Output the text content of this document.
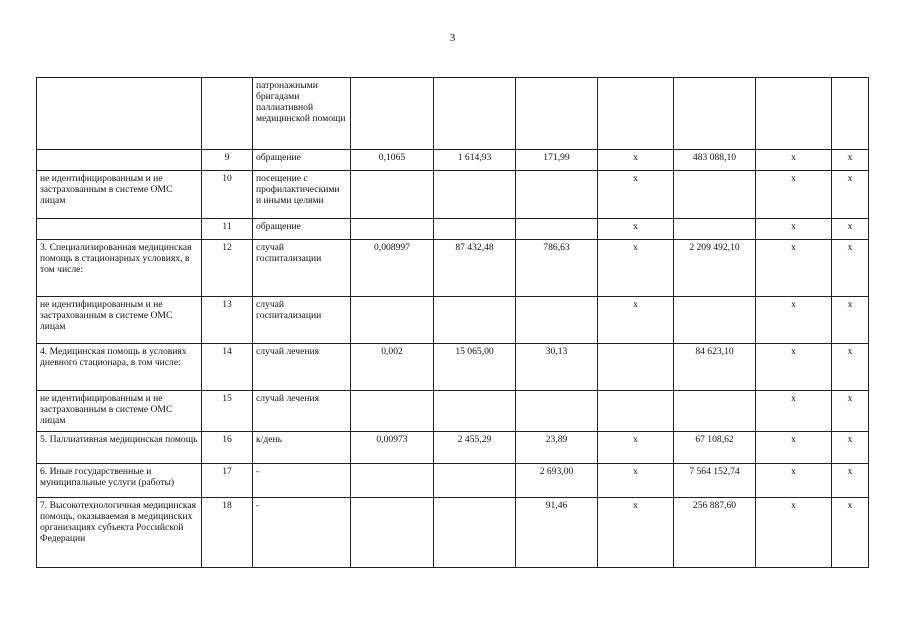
3
		патронажными бригадами паллиативной медицинской помощи							
	9	обращение	0,1065	1 614,93	171,99	x	483 088,10	x	x
не идентифицированным и не застрахованным в системе ОМС лицам	10	посещение с профилактическими и иными целями				x		x	x
	11	обращение				x		x	x
3. Специализированная медицинская помощь в стационарных условиях, в том числе:	12	случай госпитализации	0,008997	87 432,48	786,63	x	2 209 492,10	x	x
не идентифицированным и не застрахованным в системе ОМС лицам	13	случай госпитализации				x		x	x
4. Медицинская помощь в условиях дневного стационара, в том числе:	14	случай лечения	0,002	15 065,00	30,13		84 623,10	x	x
не идентифицированным и не застрахованным в системе ОМС лицам	15	случай лечения						x	x
5. Паллиативная медицинская помощь	16	к/день	0,00973	2 455,29	23,89	x	67 108,62	x	x
6. Иные государственные и муниципальные услуги (работы)	17	-			2 693,00	x	7 564 152,74	x	x
7. Высокотехнологичная медицинская помощь, оказываемая в медицинских организациях субъекта Российской Федерации	18	-			91,46	x	256 887,60	x	x
